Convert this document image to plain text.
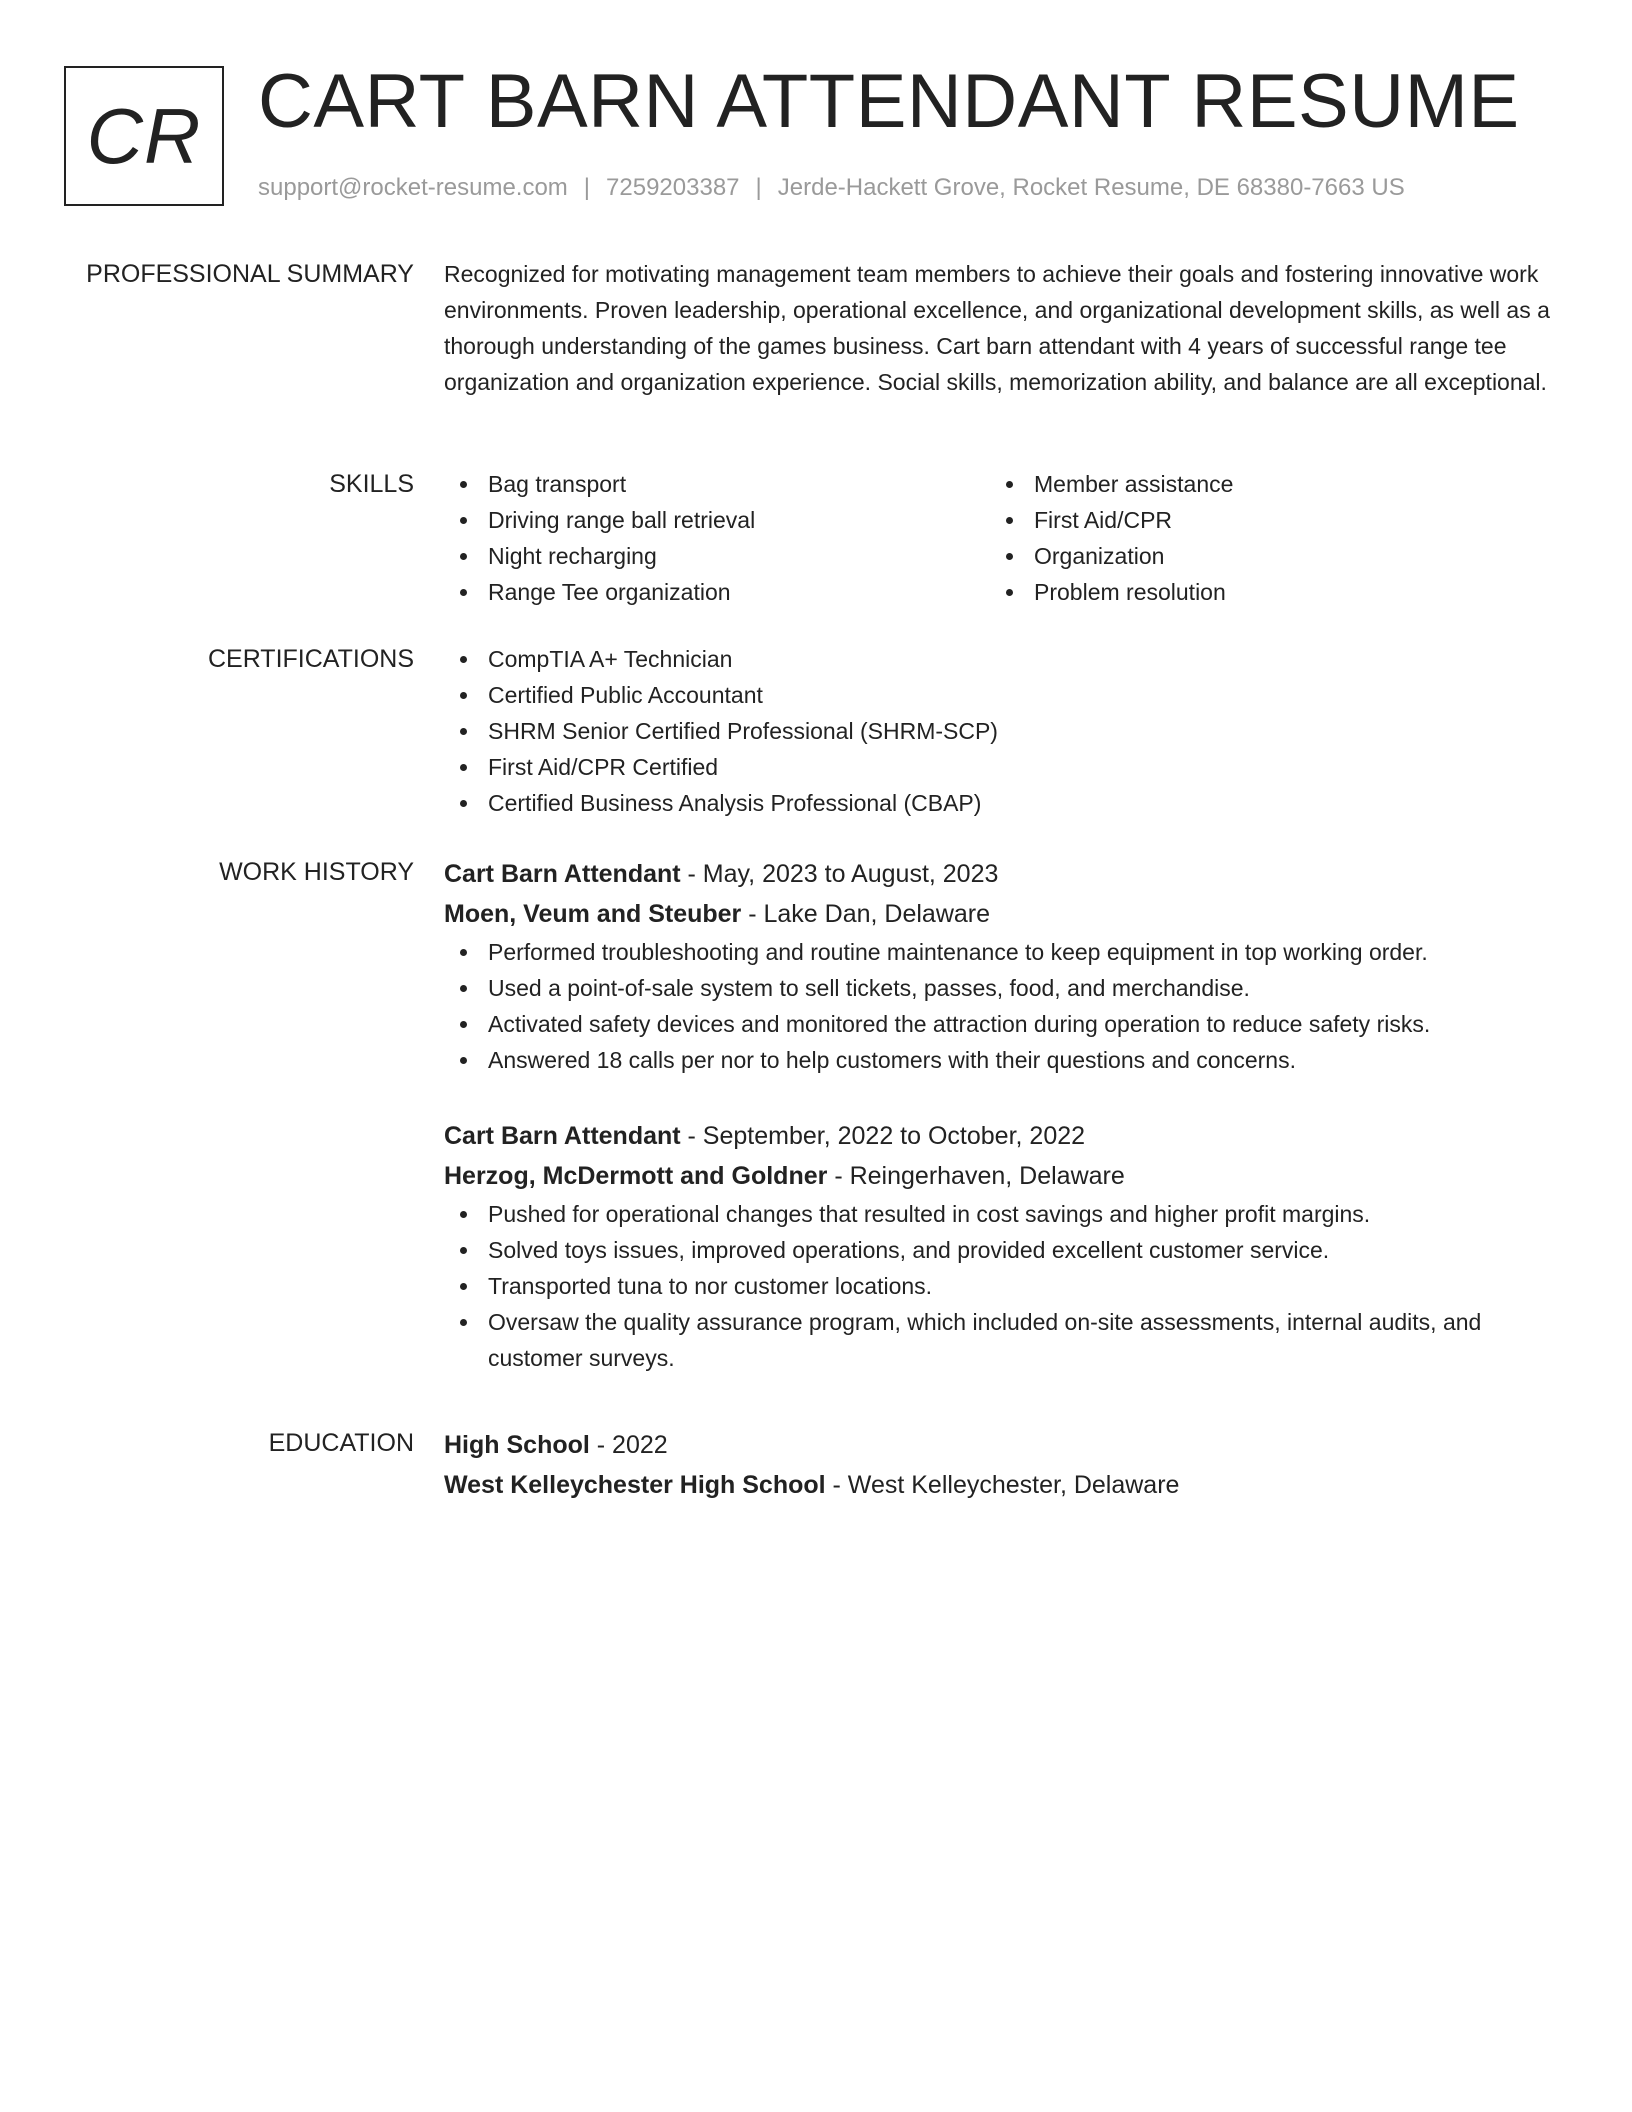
CR CART BARN ATTENDANT RESUME
support@rocket-resume.com | 7259203387 | Jerde-Hackett Grove, Rocket Resume, DE 68380-7663 US
PROFESSIONAL SUMMARY Recognized for motivating management team members to achieve their goals and fostering innovative work environments. Proven leadership, operational excellence, and organizational development skills, as well as a thorough understanding of the games business. Cart barn attendant with 4 years of successful range tee organization and organization experience. Social skills, memorization ability, and balance are all exceptional.

SKILLS	Bag transport
Driving range ball retrieval
Night recharging
Range Tee organization
Member assistance
First Aid/CPR
Organization
Problem resolution
CERTIFICATIONS	CompTIA A+ Technician
Certified Public Accountant
SHRM Senior Certified Professional (SHRM-SCP)
First Aid/CPR Certified
Certified Business Analysis Professional (CBAP)
WORK HISTORY Cart Barn Attendant - May, 2023 to August, 2023
Moen, Veum and Steuber - Lake Dan, Delaware
Performed troubleshooting and routine maintenance to keep equipment in top working order.
Used a point-of-sale system to sell tickets, passes, food, and merchandise.
Activated safety devices and monitored the attraction during operation to reduce safety risks.
Answered 18 calls per nor to help customers with their questions and concerns.
Cart Barn Attendant - September, 2022 to October, 2022
Herzog, McDermott and Goldner - Reingerhaven, Delaware
Pushed for operational changes that resulted in cost savings and higher profit margins.
Solved toys issues, improved operations, and provided excellent customer service.
Transported tuna to nor customer locations.
Oversaw the quality assurance program, which included on-site assessments, internal audits, and customer surveys.
EDUCATION High School - 2022
West Kelleychester High School - West Kelleychester, Delaware
